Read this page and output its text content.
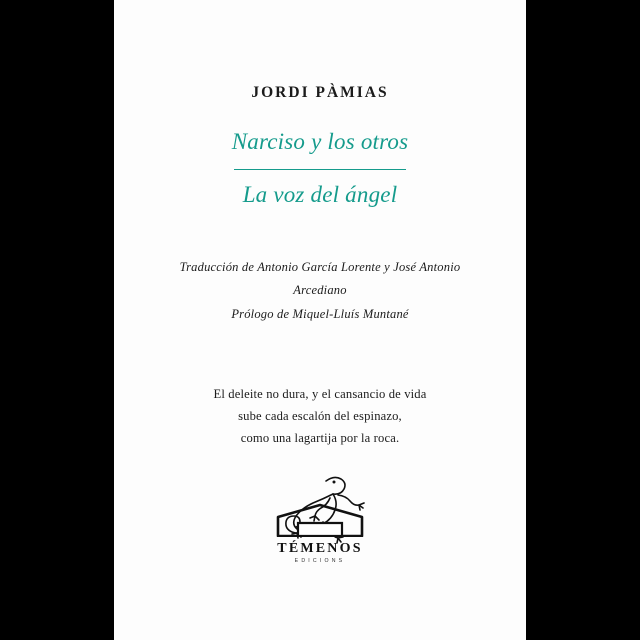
JORDI PÀMIAS
Narciso y los otros
La voz del ángel
Traducción de Antonio García Lorente y José Antonio Arcediano
Prólogo de Miquel-Lluís Muntané
El deleite no dura, y el cansancio de vida
sube cada escalón del espinazo,
como una lagartija por la roca.
TÉMENOS
EDICIONS
